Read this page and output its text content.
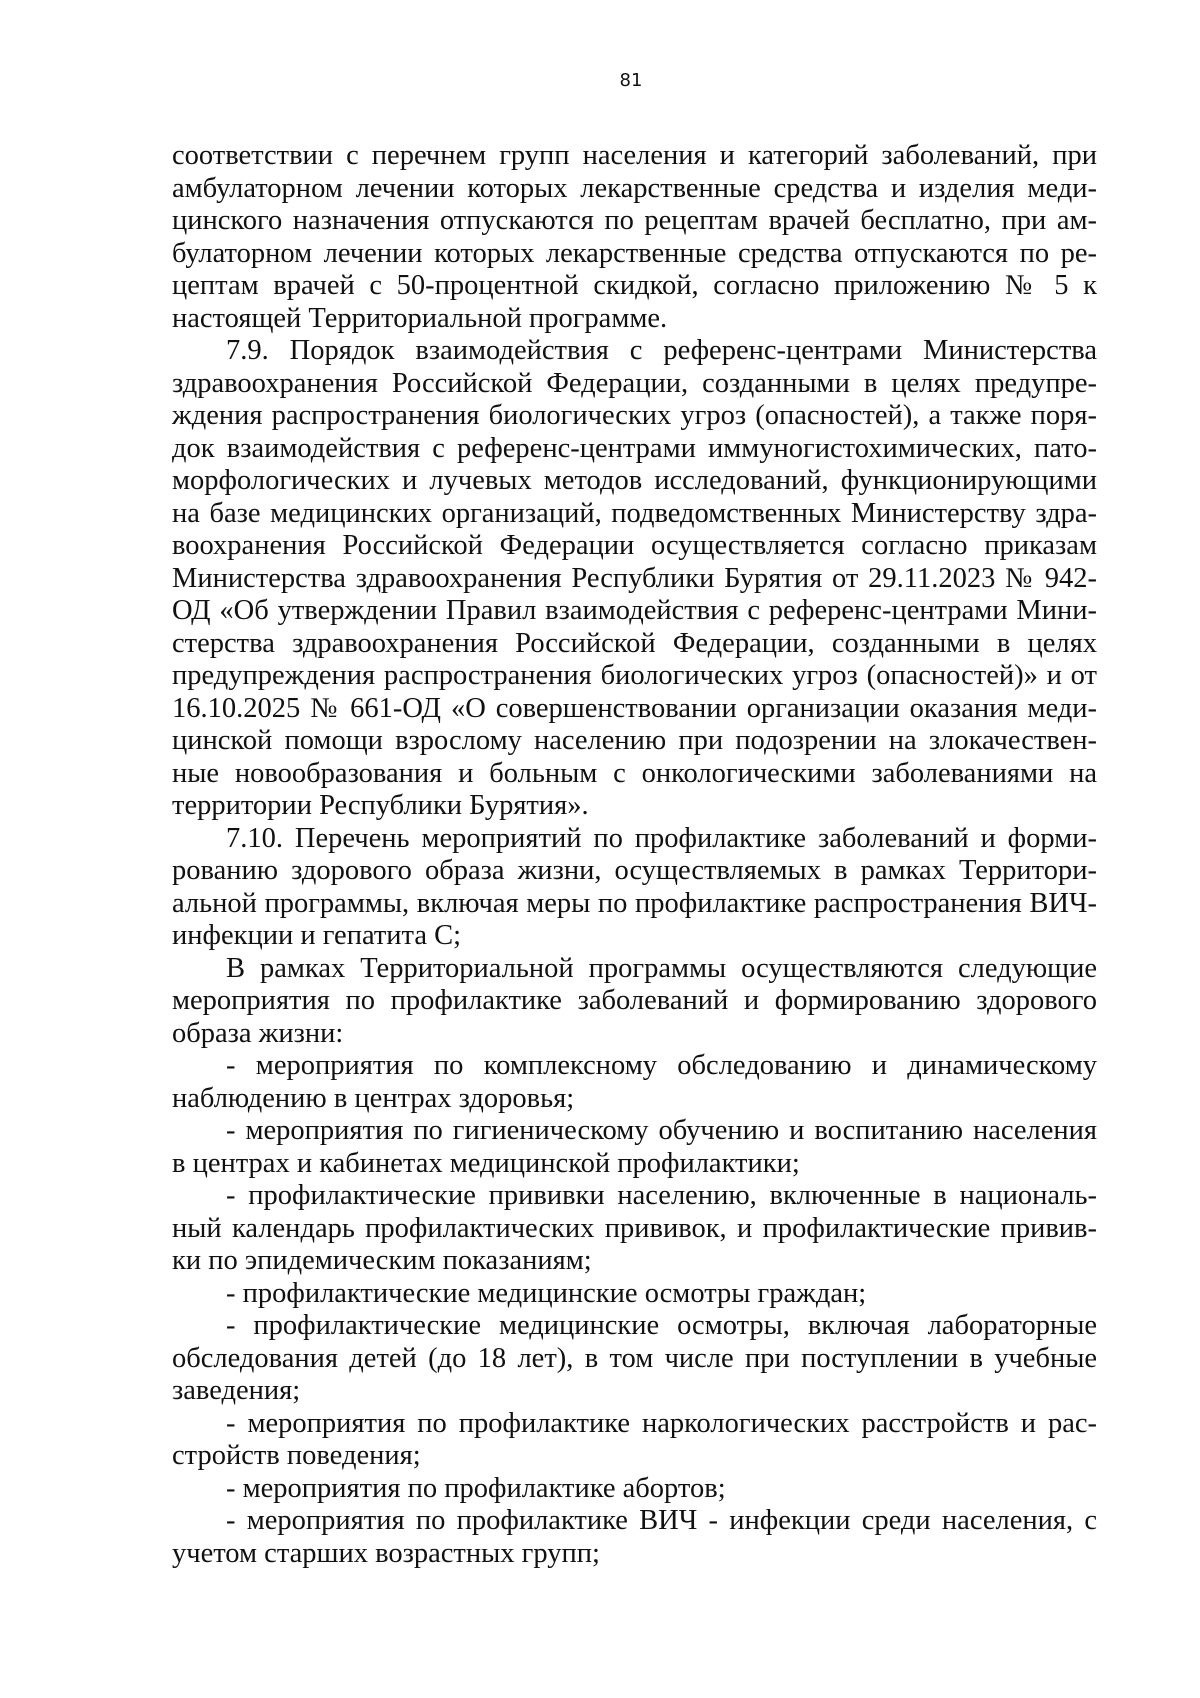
81
соответствии с перечнем групп населения и категорий заболеваний, при
амбулаторном лечении которых лекарственные средства и изделия меди-
цинского назначения отпускаются по рецептам врачей бесплатно, при ам-
булаторном лечении которых лекарственные средства отпускаются по ре-
цептам врачей с 50-процентной скидкой, согласно приложению № 5 к
настоящей Территориальной программе.
7.9. Порядок взаимодействия с референс-центрами Министерства
здравоохранения Российской Федерации, созданными в целях предупре-
ждения распространения биологических угроз (опасностей), а также поря-
док взаимодействия с референс-центрами иммуногистохимических, пато-
морфологических и лучевых методов исследований, функционирующими
на базе медицинских организаций, подведомственных Министерству здра-
воохранения Российской Федерации осуществляется согласно приказам
Министерства здравоохранения Республики Бурятия от 29.11.2023 № 942-
ОД «Об утверждении Правил взаимодействия с референс-центрами Мини-
стерства здравоохранения Российской Федерации, созданными в целях
предупреждения распространения биологических угроз (опасностей)» и от
16.10.2025 № 661-ОД «О совершенствовании организации оказания меди-
цинской помощи взрослому населению при подозрении на злокачествен-
ные новообразования и больным с онкологическими заболеваниями на
территории Республики Бурятия».
7.10. Перечень мероприятий по профилактике заболеваний и форми-
рованию здорового образа жизни, осуществляемых в рамках Территори-
альной программы, включая меры по профилактике распространения ВИЧ-
инфекции и гепатита С;
В рамках Территориальной программы осуществляются следующие
мероприятия по профилактике заболеваний и формированию здорового
образа жизни:
- мероприятия по комплексному обследованию и динамическому
наблюдению в центрах здоровья;
- мероприятия по гигиеническому обучению и воспитанию населения
в центрах и кабинетах медицинской профилактики;
- профилактические прививки населению, включенные в националь-
ный календарь профилактических прививок, и профилактические привив-
ки по эпидемическим показаниям;
- профилактические медицинские осмотры граждан;
- профилактические медицинские осмотры, включая лабораторные
обследования детей (до 18 лет), в том числе при поступлении в учебные
заведения;
- мероприятия по профилактике наркологических расстройств и рас-
стройств поведения;
- мероприятия по профилактике абортов;
- мероприятия по профилактике ВИЧ - инфекции среди населения, с
учетом старших возрастных групп;
